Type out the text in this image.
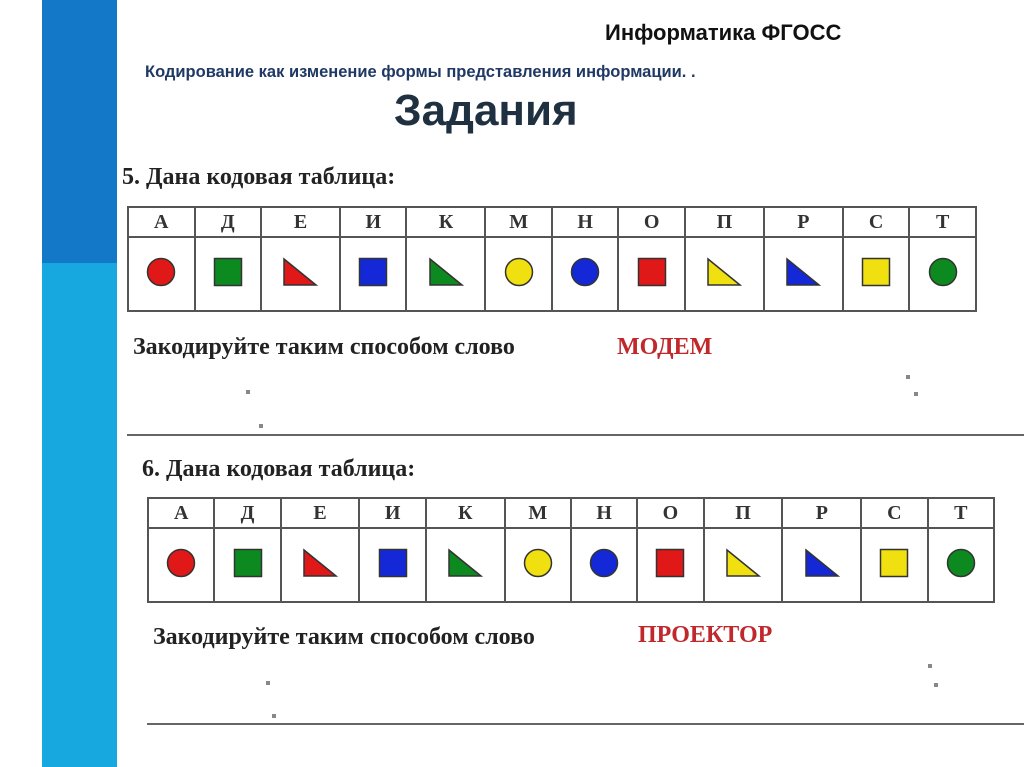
Информатика ФГОСС
Кодирование как изменение формы представления информации. .
Задания
5. Дана кодовая таблица:
А	Д	Е	И	К	М	Н	О	П	Р	С	Т

Закодируйте таким способом слово	МОДЕМ
6. Дана кодовая таблица:
А	Д	Е	И	К	М	Н	О	П	Р	С	Т

Закодируйте таким способом слово	ПРОЕКТОР
